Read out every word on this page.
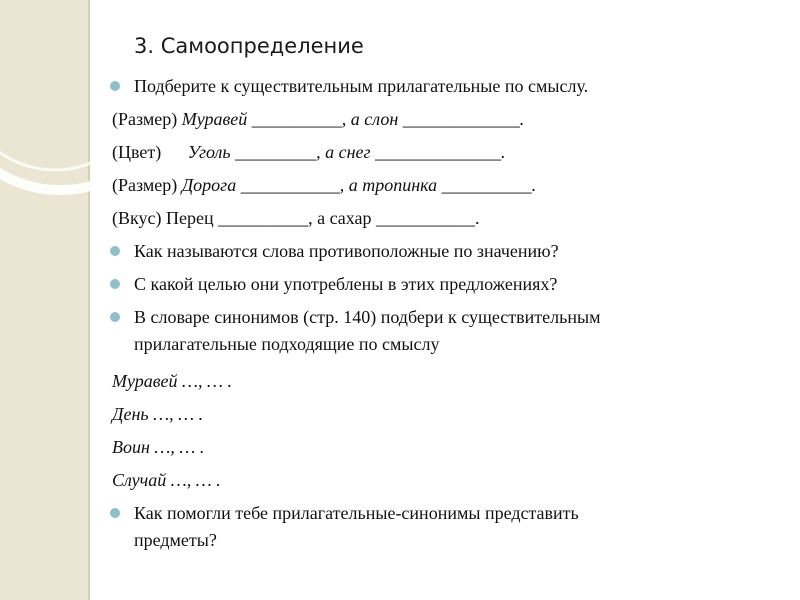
3. Самоопределение
Подберите к существительным прилагательные по смыслу.
(Размер) Муравей __________, а слон _____________.
(Цвет) Уголь _________, а снег ______________.
(Размер) Дорога ___________, а тропинка __________.
(Вкус) Перец __________, а сахар ___________.
Как называются слова противоположные по значению?
С какой целью они употреблены в этих предложениях?
В словаре синонимов (стр. 140) подбери к существительным
прилагательные подходящие по смыслу
Муравей …, … .
День …, … .
Воин …, … .
Случай …, … .
Как помогли тебе прилагательные-синонимы представить
предметы?
